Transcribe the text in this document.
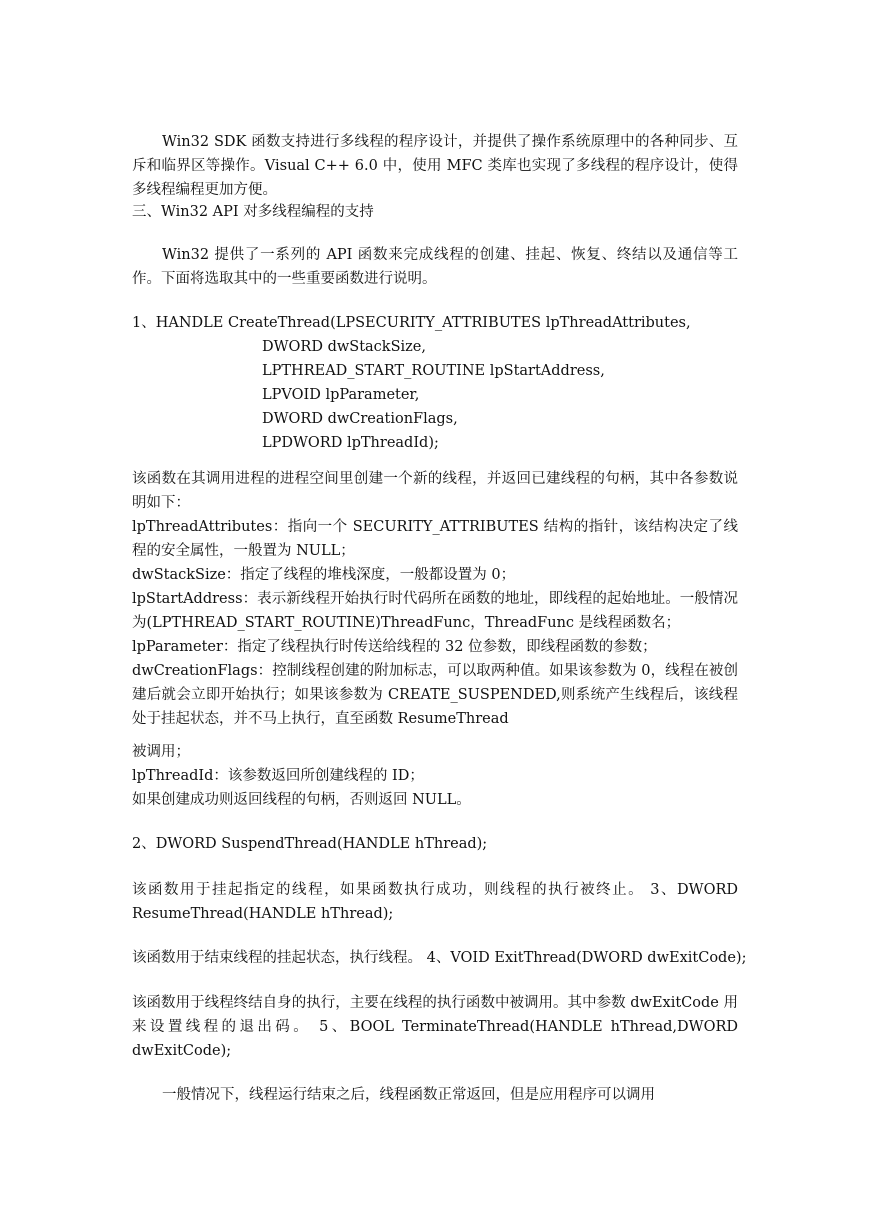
Win32 SDK 函数支持进行多线程的程序设计，并提供了操作系统原理中的各种同步、互斥和临界区等操作。Visual C++ 6.0 中，使用 MFC 类库也实现了多线程的程序设计，使得多线程编程更加方便。

三、Win32 API 对多线程编程的支持

Win32 提供了一系列的 API 函数来完成线程的创建、挂起、恢复、终结以及通信等工作。下面将选取其中的一些重要函数进行说明。

1、HANDLE CreateThread(LPSECURITY_ATTRIBUTES lpThreadAttributes,

DWORD dwStackSize,

LPTHREAD_START_ROUTINE lpStartAddress,

LPVOID lpParameter,

DWORD dwCreationFlags,

LPDWORD lpThreadId);

该函数在其调用进程的进程空间里创建一个新的线程，并返回已建线程的句柄，其中各参数说明如下：

lpThreadAttributes：指向一个 SECURITY_ATTRIBUTES 结构的指针，该结构决定了线程的安全属性，一般置为 NULL；

dwStackSize：指定了线程的堆栈深度，一般都设置为 0；

lpStartAddress：表示新线程开始执行时代码所在函数的地址，即线程的起始地址。一般情况为(LPTHREAD_START_ROUTINE)ThreadFunc，ThreadFunc 是线程函数名；

lpParameter：指定了线程执行时传送给线程的 32 位参数，即线程函数的参数；

dwCreationFlags：控制线程创建的附加标志，可以取两种值。如果该参数为 0，线程在被创建后就会立即开始执行；如果该参数为 CREATE_SUSPENDED,则系统产生线程后，该线程处于挂起状态，并不马上执行，直至函数 ResumeThread

被调用；

lpThreadId：该参数返回所创建线程的 ID；

如果创建成功则返回线程的句柄，否则返回 NULL。

2、DWORD SuspendThread(HANDLE hThread);

该函数用于挂起指定的线程，如果函数执行成功，则线程的执行被终止。 3、DWORD ResumeThread(HANDLE hThread);

该函数用于结束线程的挂起状态，执行线程。 4、VOID ExitThread(DWORD dwExitCode);

该函数用于线程终结自身的执行，主要在线程的执行函数中被调用。其中参数 dwExitCode 用来设置线程的退出码。 5、BOOL TerminateThread(HANDLE hThread,DWORD dwExitCode);

一般情况下，线程运行结束之后，线程函数正常返回，但是应用程序可以调用
